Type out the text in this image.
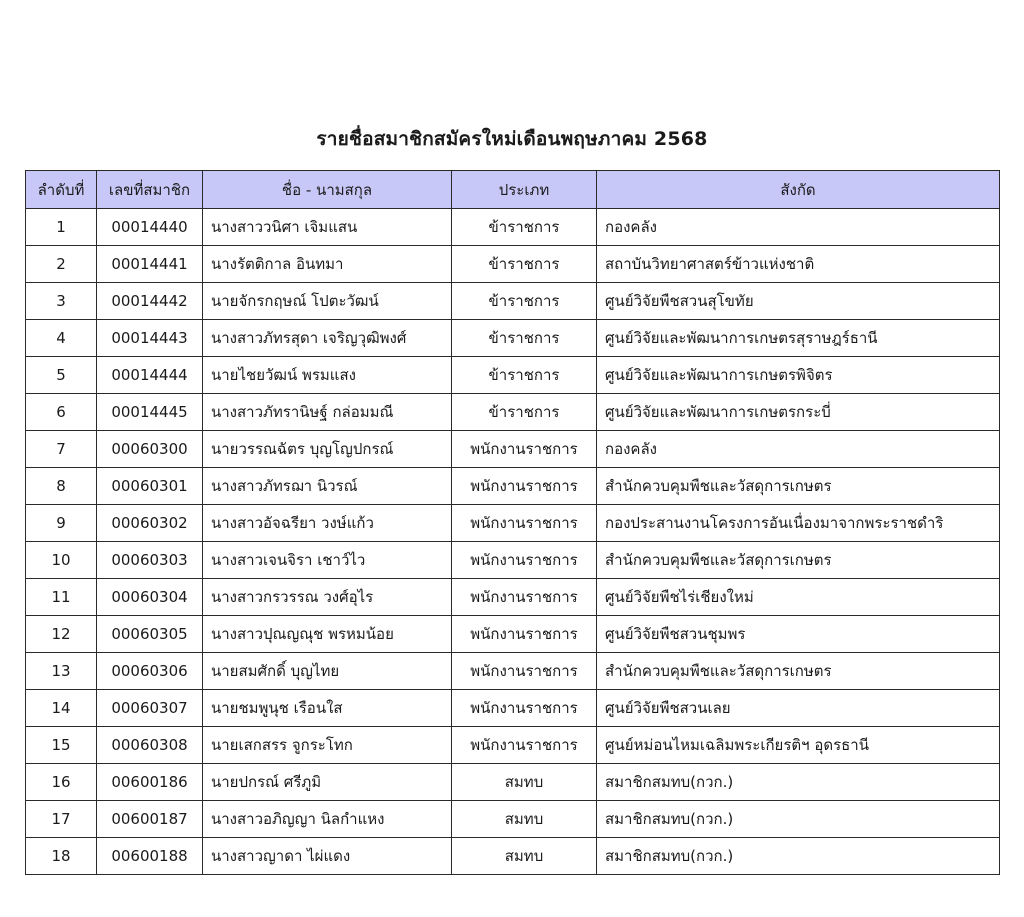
รายชื่อสมาชิกสมัครใหม่เดือนพฤษภาคม 2568
ลำดับที่	เลขที่สมาชิก	ชื่อ - นามสกุล	ประเภท	สังกัด
1	00014440	นางสาววนิศา เจิมแสน	ข้าราชการ	กองคลัง
2	00014441	นางรัตติกาล อินทมา	ข้าราชการ	สถาบันวิทยาศาสตร์ข้าวแห่งชาติ
3	00014442	นายจักรกฤษณ์ โปตะวัฒน์	ข้าราชการ	ศูนย์วิจัยพืชสวนสุโขทัย
4	00014443	นางสาวภัทรสุดา เจริญวุฒิพงศ์	ข้าราชการ	ศูนย์วิจัยและพัฒนาการเกษตรสุราษฎร์ธานี
5	00014444	นายไชยวัฒน์ พรมแสง	ข้าราชการ	ศูนย์วิจัยและพัฒนาการเกษตรพิจิตร
6	00014445	นางสาวภัทรานิษฐ์ กล่อมมณี	ข้าราชการ	ศูนย์วิจัยและพัฒนาการเกษตรกระบี่
7	00060300	นายวรรณฉัตร บุญโญปกรณ์	พนักงานราชการ	กองคลัง
8	00060301	นางสาวภัทรฌา นิวรณ์	พนักงานราชการ	สำนักควบคุมพืชและวัสดุการเกษตร
9	00060302	นางสาวอัจฉรียา วงษ์แก้ว	พนักงานราชการ	กองประสานงานโครงการอันเนื่องมาจากพระราชดำริ
10	00060303	นางสาวเจนจิรา เชาว์ไว	พนักงานราชการ	สำนักควบคุมพืชและวัสดุการเกษตร
11	00060304	นางสาวกรวรรณ วงศ์อุไร	พนักงานราชการ	ศูนย์วิจัยพืชไร่เชียงใหม่
12	00060305	นางสาวปุณญณุช พรหมน้อย	พนักงานราชการ	ศูนย์วิจัยพืชสวนชุมพร
13	00060306	นายสมศักดิ์ บุญไทย	พนักงานราชการ	สำนักควบคุมพืชและวัสดุการเกษตร
14	00060307	นายชมพูนุช เรือนใส	พนักงานราชการ	ศูนย์วิจัยพืชสวนเลย
15	00060308	นายเสกสรร จูกระโทก	พนักงานราชการ	ศูนย์หม่อนไหมเฉลิมพระเกียรติฯ อุดรธานี
16	00600186	นายปกรณ์ ศรีภูมิ	สมทบ	สมาชิกสมทบ(กวก.)
17	00600187	นางสาวอภิญญา นิลกำแหง	สมทบ	สมาชิกสมทบ(กวก.)
18	00600188	นางสาวญาดา ไผ่แดง	สมทบ	สมาชิกสมทบ(กวก.)
